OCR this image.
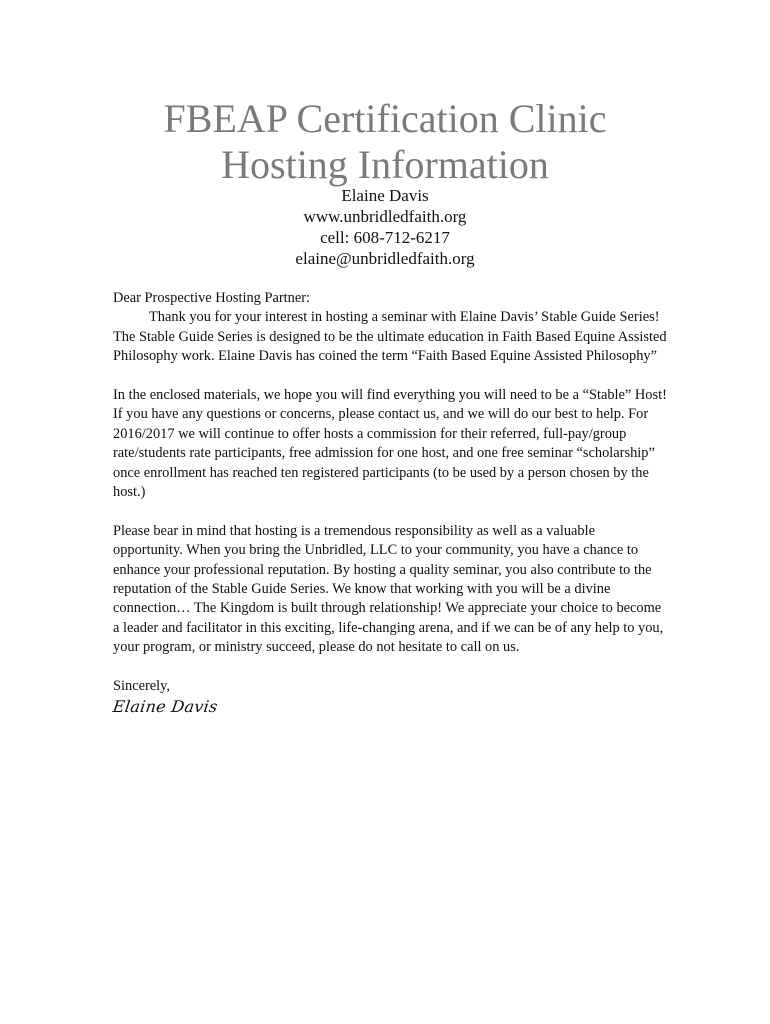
FBEAP Certification Clinic
Hosting Information
Elaine Davis
www.unbridledfaith.org
cell: 608-712-6217
elaine@unbridledfaith.org

Dear Prospective Hosting Partner:

Thank you for your interest in hosting a seminar with Elaine Davis’ Stable Guide Series! The Stable Guide Series is designed to be the ultimate education in Faith Based Equine Assisted Philosophy work. Elaine Davis has coined the term “Faith Based Equine Assisted Philosophy”

In the enclosed materials, we hope you will find everything you will need to be a “Stable” Host! If you have any questions or concerns, please contact us, and we will do our best to help. For 2016/2017 we will continue to offer hosts a commission for their referred, full-pay/group rate/students rate participants, free admission for one host, and one free seminar “scholarship” once enrollment has reached ten registered participants (to be used by a person chosen by the host.)

Please bear in mind that hosting is a tremendous responsibility as well as a valuable opportunity. When you bring the Unbridled, LLC to your community, you have a chance to enhance your professional reputation. By hosting a quality seminar, you also contribute to the reputation of the Stable Guide Series. We know that working with you will be a divine connection… The Kingdom is built through relationship! We appreciate your choice to become a leader and facilitator in this exciting, life-changing arena, and if we can be of any help to you, your program, or ministry succeed, please do not hesitate to call on us.

Sincerely,

Elaine Davis
